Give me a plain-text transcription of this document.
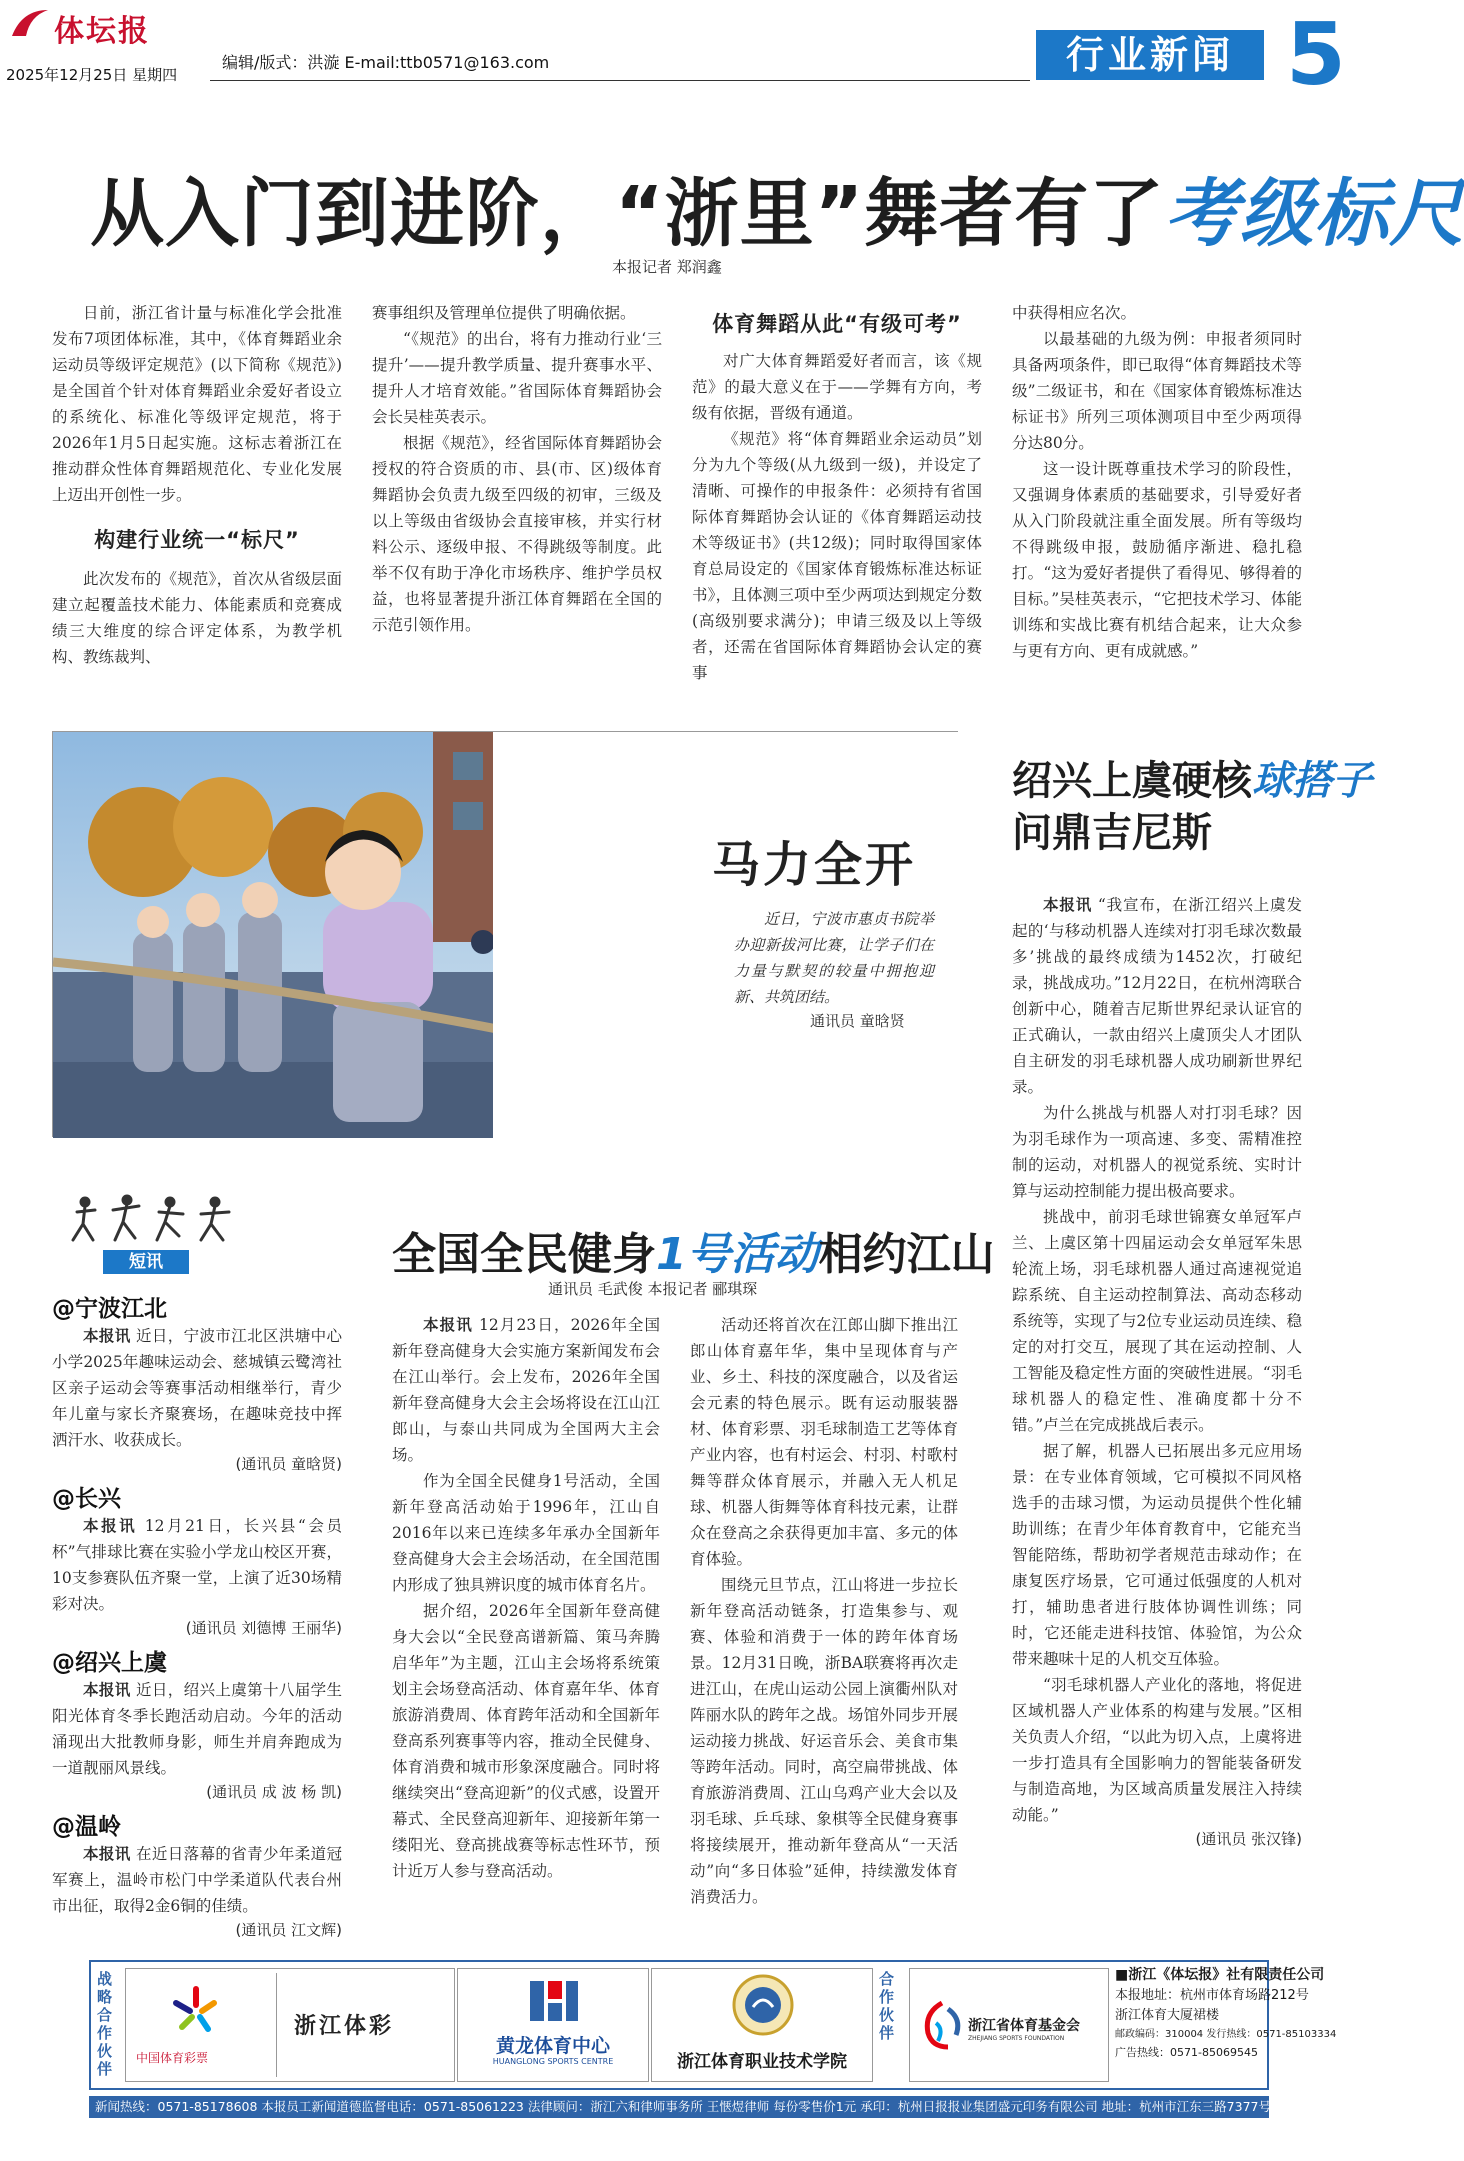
体坛报
2025年12月25日 星期四
编辑/版式：洪漩 E-mail:ttb0571@163.com	行业新闻 5
从入门到进阶，“浙里”舞者有了考级标尺
本报记者 郑润鑫

日前，浙江省计量与标准化学会批准发布7项团体标准，其中，《体育舞蹈业余运动员等级评定规范》(以下简称《规范》)是全国首个针对体育舞蹈业余爱好者设立的系统化、标准化等级评定规范，将于2026年1月5日起实施。这标志着浙江在推动群众性体育舞蹈规范化、专业化发展上迈出开创性一步。

构建行业统一“标尺”

此次发布的《规范》，首次从省级层面建立起覆盖技术能力、体能素质和竞赛成绩三大维度的综合评定体系，为教学机构、教练裁判、

赛事组织及管理单位提供了明确依据。

“《规范》的出台，将有力推动行业‘三提升’——提升教学质量、提升赛事水平、提升人才培育效能。”省国际体育舞蹈协会会长吴桂英表示。

根据《规范》，经省国际体育舞蹈协会授权的符合资质的市、县(市、区)级体育舞蹈协会负责九级至四级的初审，三级及以上等级由省级协会直接审核，并实行材料公示、逐级申报、不得跳级等制度。此举不仅有助于净化市场秩序、维护学员权益，也将显著提升浙江体育舞蹈在全国的示范引领作用。

体育舞蹈从此“有级可考”

对广大体育舞蹈爱好者而言，该《规范》的最大意义在于——学舞有方向，考级有依据，晋级有通道。

《规范》将“体育舞蹈业余运动员”划分为九个等级(从九级到一级)，并设定了清晰、可操作的申报条件：必须持有省国际体育舞蹈协会认证的《体育舞蹈运动技术等级证书》(共12级)；同时取得国家体育总局设定的《国家体育锻炼标准达标证书》，且体测三项中至少两项达到规定分数(高级别要求满分)；申请三级及以上等级者，还需在省国际体育舞蹈协会认定的赛事

中获得相应名次。

以最基础的九级为例：申报者须同时具备两项条件，即已取得“体育舞蹈技术等级”二级证书，和在《国家体育锻炼标准达标证书》所列三项体测项目中至少两项得分达80分。

这一设计既尊重技术学习的阶段性，又强调身体素质的基础要求，引导爱好者从入门阶段就注重全面发展。所有等级均不得跳级申报，鼓励循序渐进、稳扎稳打。“这为爱好者提供了看得见、够得着的目标。”吴桂英表示，“它把技术学习、体能训练和实战比赛有机结合起来，让大众参与更有方向、更有成就感。”

马力全开
近日，宁波市惠贞书院举办迎新拔河比赛，让学子们在力量与默契的较量中拥抱迎新、共筑团结。
通讯员 童晗贤
绍兴上虞硬核球搭子
问鼎吉尼斯

本报讯 “我宣布，在浙江绍兴上虞发起的‘与移动机器人连续对打羽毛球次数最多’挑战的最终成绩为1452次，打破纪录，挑战成功。”12月22日，在杭州湾联合创新中心，随着吉尼斯世界纪录认证官的正式确认，一款由绍兴上虞顶尖人才团队自主研发的羽毛球机器人成功刷新世界纪录。

为什么挑战与机器人对打羽毛球？因为羽毛球作为一项高速、多变、需精准控制的运动，对机器人的视觉系统、实时计算与运动控制能力提出极高要求。

挑战中，前羽毛球世锦赛女单冠军卢兰、上虞区第十四届运动会女单冠军朱思轮流上场，羽毛球机器人通过高速视觉追踪系统、自主运动控制算法、高动态移动系统等，实现了与2位专业运动员连续、稳定的对打交互，展现了其在运动控制、人工智能及稳定性方面的突破性进展。“羽毛球机器人的稳定性、准确度都十分不错。”卢兰在完成挑战后表示。

据了解，机器人已拓展出多元应用场景：在专业体育领域，它可模拟不同风格选手的击球习惯，为运动员提供个性化辅助训练；在青少年体育教育中，它能充当智能陪练，帮助初学者规范击球动作；在康复医疗场景，它可通过低强度的人机对打，辅助患者进行肢体协调性训练；同时，它还能走进科技馆、体验馆，为公众带来趣味十足的人机交互体验。

“羽毛球机器人产业化的落地，将促进区域机器人产业体系的构建与发展。”区相关负责人介绍，“以此为切入点，上虞将进一步打造具有全国影响力的智能装备研发与制造高地，为区域高质量发展注入持续动能。”

(通讯员 张汉锋)
短讯
@宁波江北

本报讯 近日，宁波市江北区洪塘中心小学2025年趣味运动会、慈城镇云鹭湾社区亲子运动会等赛事活动相继举行，青少年儿童与家长齐聚赛场，在趣味竞技中挥洒汗水、收获成长。

(通讯员 童晗贤)
@长兴

本报讯 12月21日，长兴县“会员杯”气排球比赛在实验小学龙山校区开赛，10支参赛队伍齐聚一堂，上演了近30场精彩对决。

(通讯员 刘德博 王丽华)
@绍兴上虞

本报讯 近日，绍兴上虞第十八届学生阳光体育冬季长跑活动启动。今年的活动涌现出大批教师身影，师生并肩奔跑成为一道靓丽风景线。

(通讯员 成 波 杨 凯)
@温岭

本报讯 在近日落幕的省青少年柔道冠军赛上，温岭市松门中学柔道队代表台州市出征，取得2金6铜的佳绩。

(通讯员 江文辉)
全国全民健身1号活动相约江山
通讯员 毛武俊 本报记者 郦琪琛

本报讯 12月23日，2026年全国新年登高健身大会实施方案新闻发布会在江山举行。会上发布，2026年全国新年登高健身大会主会场将设在江山江郎山，与泰山共同成为全国两大主会场。

作为全国全民健身1号活动，全国新年登高活动始于1996年，江山自2016年以来已连续多年承办全国新年登高健身大会主会场活动，在全国范围内形成了独具辨识度的城市体育名片。

据介绍，2026年全国新年登高健身大会以“全民登高谱新篇、策马奔腾启华年”为主题，江山主会场将系统策划主会场登高活动、体育嘉年华、体育旅游消费周、体育跨年活动和全国新年登高系列赛事等内容，推动全民健身、体育消费和城市形象深度融合。同时将继续突出“登高迎新”的仪式感，设置开幕式、全民登高迎新年、迎接新年第一缕阳光、登高挑战赛等标志性环节，预计近万人参与登高活动。

活动还将首次在江郎山脚下推出江郎山体育嘉年华，集中呈现体育与产业、乡土、科技的深度融合，以及省运会元素的特色展示。既有运动服装器材、体育彩票、羽毛球制造工艺等体育产业内容，也有村运会、村羽、村歌村舞等群众体育展示，并融入无人机足球、机器人街舞等体育科技元素，让群众在登高之余获得更加丰富、多元的体育体验。

围绕元旦节点，江山将进一步拉长新年登高活动链条，打造集参与、观赛、体验和消费于一体的跨年体育场景。12月31日晚，浙BA联赛将再次走进江山，在虎山运动公园上演衢州队对阵丽水队的跨年之战。场馆外同步开展运动接力挑战、好运音乐会、美食市集等跨年活动。同时，高空扁带挑战、体育旅游消费周、江山乌鸡产业大会以及羽毛球、乒乓球、象棋等全民健身赛事将接续展开，推动新年登高从“一天活动”向“多日体验”延伸，持续激发体育消费活力。

战略合作伙伴
中国体育彩票
浙江体彩
黄龙体育中心
HUANGLONG SPORTS CENTRE	浙江体育职业技术学院
合作伙伴	浙江省体育基金会
ZHEJIANG SPORTS FOUNDATION
■浙江《体坛报》社有限责任公司
本报地址：杭州市体育场路212号
浙江体育大厦裙楼
邮政编码：310004 发行热线：0571-85103334
广告热线：0571-85069545
新闻热线：0571-85178608 本报员工新闻道德监督电话：0571-85061223 法律顾问：浙江六和律师事务所 王惬煜律师 每份零售价1元 承印：杭州日报报业集团盛元印务有限公司 地址：杭州市江东三路7377号
